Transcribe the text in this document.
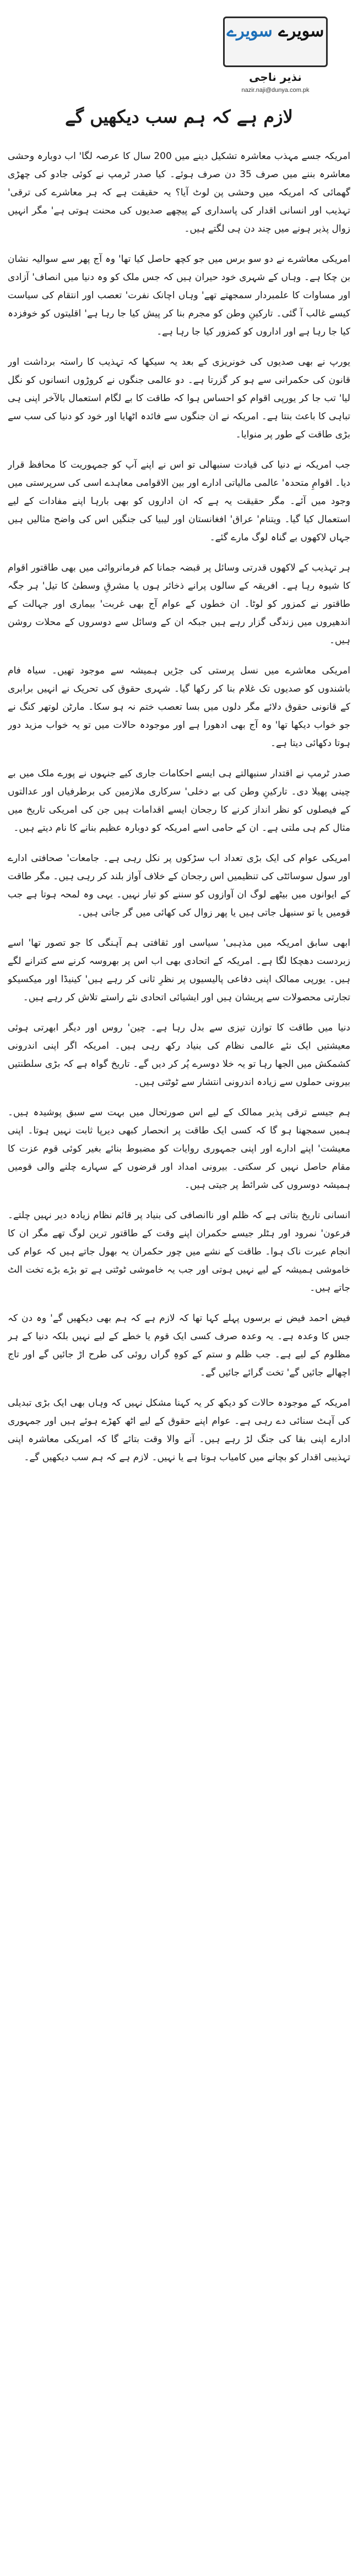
سویرے سویرے
نذیر ناجی
nazir.naji@dunya.com.pk
لازم ہے کہ ہم سب دیکھیں گے

امریکہ جسے مہذب معاشرہ تشکیل دینے میں 200 سال کا عرصہ لگا' اب دوبارہ وحشی معاشرہ بننے میں صرف 35 دن صرف ہوئے۔ کیا صدر ٹرمپ نے کوئی جادو کی چھڑی گھمائی کہ امریکہ میں وحشی پن لوٹ آیا؟ یہ حقیقت ہے کہ ہر معاشرے کی ترقی' تہذیب اور انسانی اقدار کی پاسداری کے پیچھے صدیوں کی محنت ہوتی ہے' مگر انہیں زوال پذیر ہونے میں چند دن ہی لگتے ہیں۔

امریکی معاشرے نے دو سو برس میں جو کچھ حاصل کیا تھا' وہ آج پھر سے سوالیہ نشان بن چکا ہے۔ وہاں کے شہری خود حیران ہیں کہ جس ملک کو وہ دنیا میں انصاف' آزادی اور مساوات کا علمبردار سمجھتے تھے' وہاں اچانک نفرت' تعصب اور انتقام کی سیاست کیسے غالب آ گئی۔ تارکینِ وطن کو مجرم بنا کر پیش کیا جا رہا ہے' اقلیتوں کو خوفزدہ کیا جا رہا ہے اور اداروں کو کمزور کیا جا رہا ہے۔

یورپ نے بھی صدیوں کی خونریزی کے بعد یہ سیکھا کہ تہذیب کا راستہ برداشت اور قانون کی حکمرانی سے ہو کر گزرتا ہے۔ دو عالمی جنگوں نے کروڑوں انسانوں کو نگل لیا' تب جا کر یورپی اقوام کو احساس ہوا کہ طاقت کا بے لگام استعمال بالآخر اپنی ہی تباہی کا باعث بنتا ہے۔ امریکہ نے ان جنگوں سے فائدہ اٹھایا اور خود کو دنیا کی سب سے بڑی طاقت کے طور پر منوایا۔

جب امریکہ نے دنیا کی قیادت سنبھالی تو اس نے اپنے آپ کو جمہوریت کا محافظ قرار دیا۔ اقوامِ متحدہ' عالمی مالیاتی ادارے اور بین الاقوامی معاہدے اسی کی سرپرستی میں وجود میں آئے۔ مگر حقیقت یہ ہے کہ ان اداروں کو بھی بارہا اپنے مفادات کے لیے استعمال کیا گیا۔ ویتنام' عراق' افغانستان اور لیبیا کی جنگیں اس کی واضح مثالیں ہیں جہاں لاکھوں بے گناہ لوگ مارے گئے۔

ہر تہذیب کے لاکھوں قدرتی وسائل پر قبضہ جمانا کم فرمانروائی میں بھی طاقتور اقوام کا شیوہ رہا ہے۔ افریقہ کے سالوں پرانے ذخائر ہوں یا مشرقِ وسطیٰ کا تیل' ہر جگہ طاقتور نے کمزور کو لوٹا۔ ان خطوں کے عوام آج بھی غربت' بیماری اور جہالت کے اندھیروں میں زندگی گزار رہے ہیں جبکہ ان کے وسائل سے دوسروں کے محلات روشن ہیں۔

امریکی معاشرے میں نسل پرستی کی جڑیں ہمیشہ سے موجود تھیں۔ سیاہ فام باشندوں کو صدیوں تک غلام بنا کر رکھا گیا۔ شہری حقوق کی تحریک نے انہیں برابری کے قانونی حقوق دلائے مگر دلوں میں بسا تعصب ختم نہ ہو سکا۔ مارٹن لوتھر کنگ نے جو خواب دیکھا تھا' وہ آج بھی ادھورا ہے اور موجودہ حالات میں تو یہ خواب مزید دور ہوتا دکھائی دیتا ہے۔

صدر ٹرمپ نے اقتدار سنبھالتے ہی ایسے احکامات جاری کیے جنہوں نے پورے ملک میں بے چینی پھیلا دی۔ تارکینِ وطن کی بے دخلی' سرکاری ملازمین کی برطرفیاں اور عدالتوں کے فیصلوں کو نظر انداز کرنے کا رجحان ایسے اقدامات ہیں جن کی امریکی تاریخ میں مثال کم ہی ملتی ہے۔ ان کے حامی اسے امریکہ کو دوبارہ عظیم بنانے کا نام دیتے ہیں۔

امریکی عوام کی ایک بڑی تعداد اب سڑکوں پر نکل رہی ہے۔ جامعات' صحافتی ادارے اور سول سوسائٹی کی تنظیمیں اس رجحان کے خلاف آواز بلند کر رہی ہیں۔ مگر طاقت کے ایوانوں میں بیٹھے لوگ ان آوازوں کو سننے کو تیار نہیں۔ یہی وہ لمحہ ہوتا ہے جب قومیں یا تو سنبھل جاتی ہیں یا پھر زوال کی کھائی میں گر جاتی ہیں۔

ابھی سابق امریکہ میں مذہبی' سیاسی اور ثقافتی ہم آہنگی کا جو تصور تھا' اسے زبردست دھچکا لگا ہے۔ امریکہ کے اتحادی بھی اب اس پر بھروسہ کرنے سے کترانے لگے ہیں۔ یورپی ممالک اپنی دفاعی پالیسیوں پر نظرِ ثانی کر رہے ہیں' کینیڈا اور میکسیکو تجارتی محصولات سے پریشان ہیں اور ایشیائی اتحادی نئے راستے تلاش کر رہے ہیں۔

دنیا میں طاقت کا توازن تیزی سے بدل رہا ہے۔ چین' روس اور دیگر ابھرتی ہوئی معیشتیں ایک نئے عالمی نظام کی بنیاد رکھ رہی ہیں۔ امریکہ اگر اپنی اندرونی کشمکش میں الجھا رہا تو یہ خلا دوسرے پُر کر دیں گے۔ تاریخ گواہ ہے کہ بڑی سلطنتیں بیرونی حملوں سے زیادہ اندرونی انتشار سے ٹوٹتی ہیں۔

ہم جیسے ترقی پذیر ممالک کے لیے اس صورتحال میں بہت سے سبق پوشیدہ ہیں۔ ہمیں سمجھنا ہو گا کہ کسی ایک طاقت پر انحصار کبھی دیرپا ثابت نہیں ہوتا۔ اپنی معیشت' اپنے ادارے اور اپنی جمہوری روایات کو مضبوط بنائے بغیر کوئی قوم عزت کا مقام حاصل نہیں کر سکتی۔ بیرونی امداد اور قرضوں کے سہارے چلنے والی قومیں ہمیشہ دوسروں کی شرائط پر جیتی ہیں۔

انسانی تاریخ بتاتی ہے کہ ظلم اور ناانصافی کی بنیاد پر قائم نظام زیادہ دیر نہیں چلتے۔ فرعون' نمرود اور ہٹلر جیسے حکمران اپنے وقت کے طاقتور ترین لوگ تھے مگر ان کا انجام عبرت ناک ہوا۔ طاقت کے نشے میں چور حکمران یہ بھول جاتے ہیں کہ عوام کی خاموشی ہمیشہ کے لیے نہیں ہوتی اور جب یہ خاموشی ٹوٹتی ہے تو بڑے بڑے تخت الٹ جاتے ہیں۔

فیض احمد فیض نے برسوں پہلے کہا تھا کہ لازم ہے کہ ہم بھی دیکھیں گے' وہ دن کہ جس کا وعدہ ہے۔ یہ وعدہ صرف کسی ایک قوم یا خطے کے لیے نہیں بلکہ دنیا کے ہر مظلوم کے لیے ہے۔ جب ظلم و ستم کے کوہِ گراں روئی کی طرح اڑ جائیں گے اور تاج اچھالے جائیں گے' تخت گرائے جائیں گے۔

امریکہ کے موجودہ حالات کو دیکھ کر یہ کہنا مشکل نہیں کہ وہاں بھی ایک بڑی تبدیلی کی آہٹ سنائی دے رہی ہے۔ عوام اپنے حقوق کے لیے اٹھ کھڑے ہوئے ہیں اور جمہوری ادارے اپنی بقا کی جنگ لڑ رہے ہیں۔ آنے والا وقت بتائے گا کہ امریکی معاشرہ اپنی تہذیبی اقدار کو بچانے میں کامیاب ہوتا ہے یا نہیں۔ لازم ہے کہ ہم سب دیکھیں گے۔
